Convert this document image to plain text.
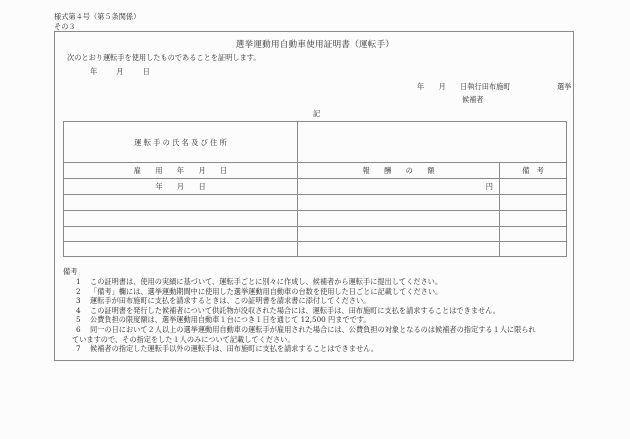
様式第４号（第５条関係）
その３
選挙運動用自動車使用証明書（運転手）
次のとおり運転手を使用したものであることを証明します。
年	月	日
年　　月　　日執行田布施町	選挙
候補者
記
運 転 手 の 氏 名 及 び 住 所
雇　　用　　年　　月　　日	報　　酬　　の　　額	備　考
年　　月　　日	円
備考
1 この証明書は、使用の実績に基づいて、運転手ごとに別々に作成し、候補者から運転手に提出してください。
2 「備考」欄には、選挙運動期間中に使用した選挙運動用自動車の台数を使用した日ごとに記載してください。
3 運転手が田布施町に支払を請求するときは、この証明書を請求書に添付してください。
4 この証明書を発行した候補者について供託物が没収された場合には、運転手は、田布施町に支払を請求することはできません。
5 公費負担の限度額は、選挙運動用自動車１台につき１日を通じて 12,500 円までです。
6 同一の日において２人以上の選挙運動用自動車の運転手が雇用された場合には、公費負担の対象となるのは候補者の指定する１人に限られ
ていますので、その指定をした１人のみについて記載してください。
7 候補者の指定した運転手以外の運転手は、田布施町に支払を請求することはできません。
